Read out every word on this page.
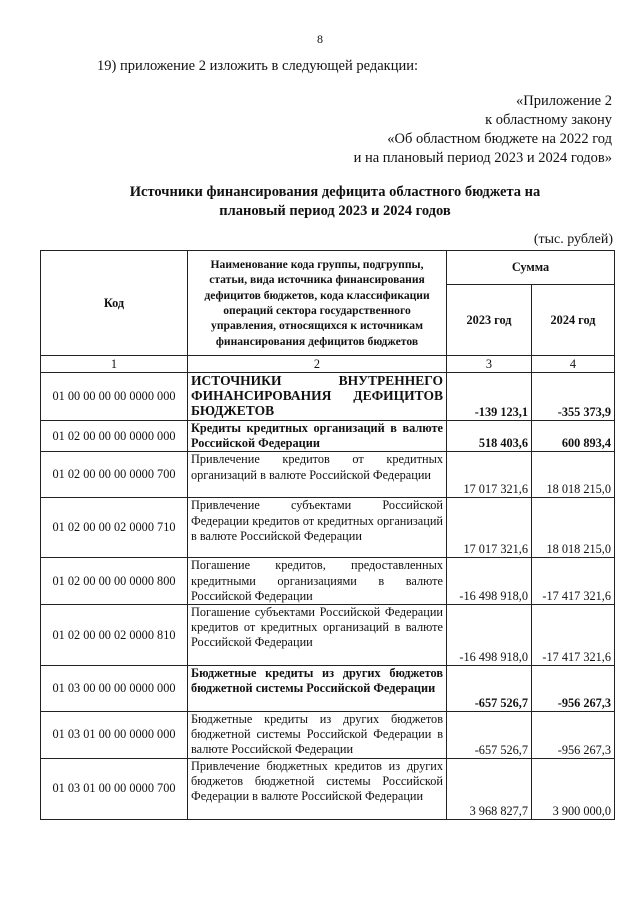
8
19) приложение 2 изложить в следующей редакции:
«Приложение 2
к областному закону
«Об областном бюджете на 2022 год
и на плановый период 2023 и 2024 годов»
Источники финансирования дефицита областного бюджета на
плановый период 2023 и 2024 годов
(тыс. рублей)
Код	Наименование кода группы, подгруппы, статьи, вида источника финансирования дефицитов бюджетов, кода классификации операций сектора государственного управления, относящихся к источникам финансирования дефицитов бюджетов	Сумма	
		2023 год	2024 год
1	2	3	4
01 00 00 00 00 0000 000	ИСТОЧНИКИ ВНУТРЕННЕГО ФИНАНСИРОВАНИЯ ДЕФИЦИТОВ БЮДЖЕТОВ	-139 123,1	-355 373,9
01 02 00 00 00 0000 000	Кредиты кредитных организаций в валюте Российской Федерации	518 403,6	600 893,4
01 02 00 00 00 0000 700	Привлечение кредитов от кредитных организаций в валюте Российской Федерации	17 017 321,6	18 018 215,0
01 02 00 00 02 0000 710	Привлечение субъектами Российской Федерации кредитов от кредитных организаций в валюте Российской Федерации	17 017 321,6	18 018 215,0
01 02 00 00 00 0000 800	Погашение кредитов, предоставленных кредитными организациями в валюте Российской Федерации	-16 498 918,0	-17 417 321,6
01 02 00 00 02 0000 810	Погашение субъектами Российской Федерации кредитов от кредитных организаций в валюте Российской Федерации	-16 498 918,0	-17 417 321,6
01 03 00 00 00 0000 000	Бюджетные кредиты из других бюджетов бюджетной системы Российской Федерации	-657 526,7	-956 267,3
01 03 01 00 00 0000 000	Бюджетные кредиты из других бюджетов бюджетной системы Российской Федерации в валюте Российской Федерации	-657 526,7	-956 267,3
01 03 01 00 00 0000 700	Привлечение бюджетных кредитов из других бюджетов бюджетной системы Российской Федерации в валюте Российской Федерации	3 968 827,7	3 900 000,0
